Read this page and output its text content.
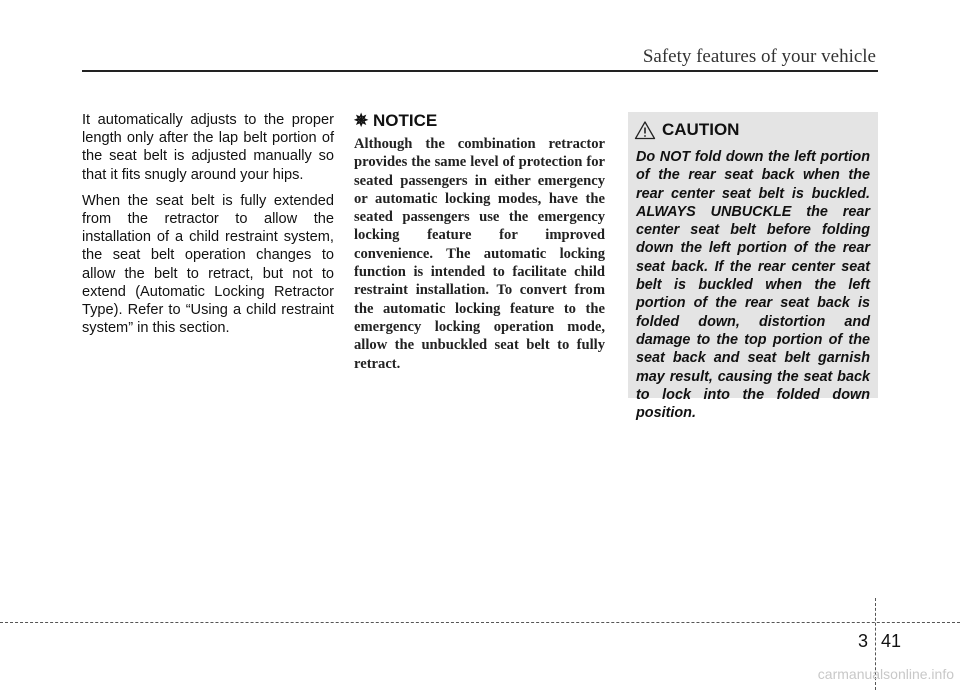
Safety features of your vehicle

It automatically adjusts to the proper length only after the lap belt portion of the seat belt is adjusted manually so that it fits snugly around your hips.

When the seat belt is fully extended from the retractor to allow the installation of a child restraint system, the seat belt operation changes to allow the belt to retract, but not to extend (Automatic Locking Retractor Type). Refer to “Using a child restraint system” in this section.

✵ NOTICE

Although the combination retractor provides the same level of protection for seated passengers in either emergency or automatic locking modes, have the seated passengers use the emergency locking feature for improved convenience. The automatic locking function is intended to facilitate child restraint installation. To convert from the automatic locking feature to the emergency locking operation mode, allow the unbuckled seat belt to fully retract.

CAUTION

Do NOT fold down the left portion of the rear seat back when the rear center seat belt is buckled. ALWAYS UNBUCKLE the rear center seat belt before folding down the left portion of the rear seat back. If the rear center seat belt is buckled when the left portion of the rear seat back is folded down, distortion and damage to the top portion of the seat back and seat belt garnish may result, causing the seat back to lock into the folded down position.

3 41
carmanualsonline.info
